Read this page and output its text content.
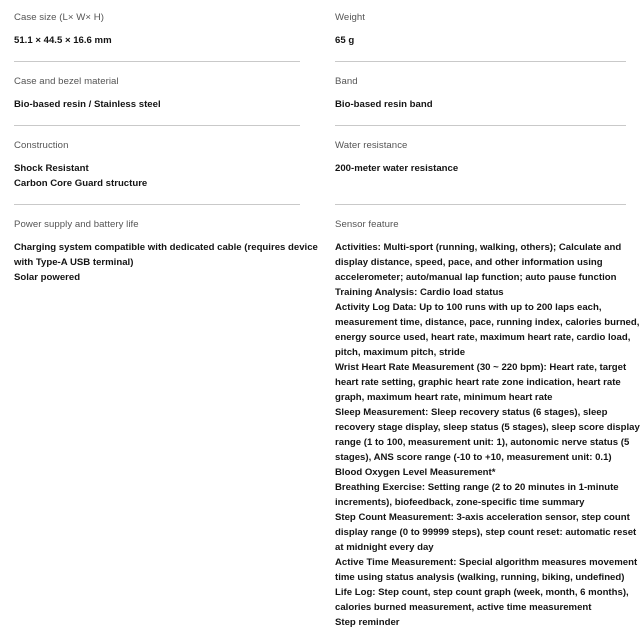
Case size (L× W× H)
51.1 × 44.5 × 16.6 mm
Weight
65 g
Case and bezel material
Bio-based resin / Stainless steel
Band
Bio-based resin band
Construction
Shock Resistant
Carbon Core Guard structure
Water resistance
200-meter water resistance
Power supply and battery life
Charging system compatible with dedicated cable (requires device
with Type-A USB terminal)
Solar powered
Sensor feature
Activities: Multi-sport (running, walking, others); Calculate and
display distance, speed, pace, and other information using
accelerometer; auto/manual lap function; auto pause function
Training Analysis: Cardio load status
Activity Log Data: Up to 100 runs with up to 200 laps each,
measurement time, distance, pace, running index, calories burned,
energy source used, heart rate, maximum heart rate, cardio load,
pitch, maximum pitch, stride
Wrist Heart Rate Measurement (30 ~ 220 bpm): Heart rate, target
heart rate setting, graphic heart rate zone indication, heart rate
graph, maximum heart rate, minimum heart rate
Sleep Measurement: Sleep recovery status (6 stages), sleep
recovery stage display, sleep status (5 stages), sleep score display
range (1 to 100, measurement unit: 1), autonomic nerve status (5
stages), ANS score range (-10 to +10, measurement unit: 0.1)
Blood Oxygen Level Measurement*
Breathing Exercise: Setting range (2 to 20 minutes in 1-minute
increments), biofeedback, zone-specific time summary
Step Count Measurement: 3-axis acceleration sensor, step count
display range (0 to 99999 steps), step count reset: automatic reset
at midnight every day
Active Time Measurement: Special algorithm measures movement
time using status analysis (walking, running, biking, undefined)
Life Log: Step count, step count graph (week, month, 6 months),
calories burned measurement, active time measurement
Step reminder
